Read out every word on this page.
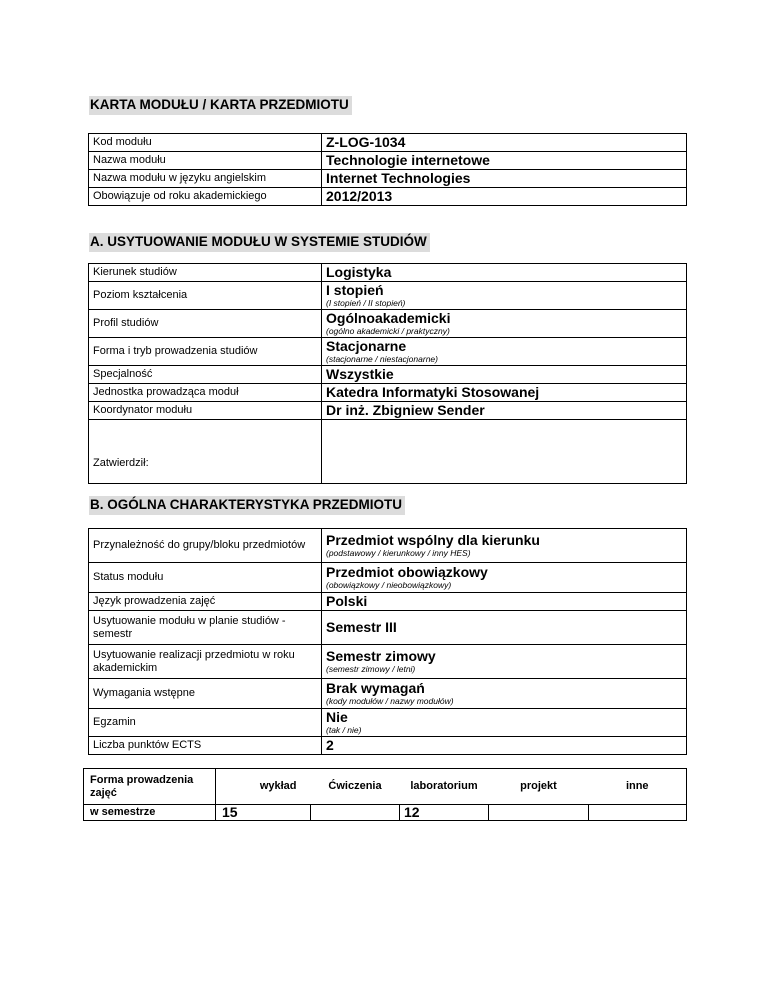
KARTA MODUŁU / KARTA PRZEDMIOTU
Kod modułu	Z-LOG-1034

Nazwa modułu	Technologie internetowe

Nazwa modułu w języku angielskim	Internet Technologies

Obowiązuje od roku akademickiego	2012/2013
A. USYTUOWANIE MODUŁU W SYSTEMIE STUDIÓW
Kierunek studiów	Logistyka

Poziom kształcenia	I stopień
(I stopień / II stopień)

Profil studiów	Ogólnoakademicki
(ogólno akademicki / praktyczny)

Forma i tryb prowadzenia studiów	Stacjonarne
(stacjonarne / niestacjonarne)

Specjalność	Wszystkie

Jednostka prowadząca moduł	Katedra Informatyki Stosowanej

Koordynator modułu	Dr inż. Zbigniew Sender

Zatwierdził:	
B. OGÓLNA CHARAKTERYSTYKA PRZEDMIOTU
Przynależność do grupy/bloku przedmiotów	Przedmiot wspólny dla kierunku
(podstawowy / kierunkowy / inny HES)

Status modułu	Przedmiot obowiązkowy
(obowiązkowy / nieobowiązkowy)

Język prowadzenia zajęć	Polski

Usytuowanie modułu w planie studiów - semestr	Semestr III

Usytuowanie realizacji przedmiotu w roku akademickim	Semestr zimowy
(semestr zimowy / letni)

Wymagania wstępne	Brak wymagań
(kody modułów / nazwy modułów)

Egzamin	Nie
(tak / nie)

Liczba punktów ECTS	2
Forma prowadzenia zajęć	wykład	Ćwiczenia	laboratorium	projekt	inne
w semestrze	15		12		
